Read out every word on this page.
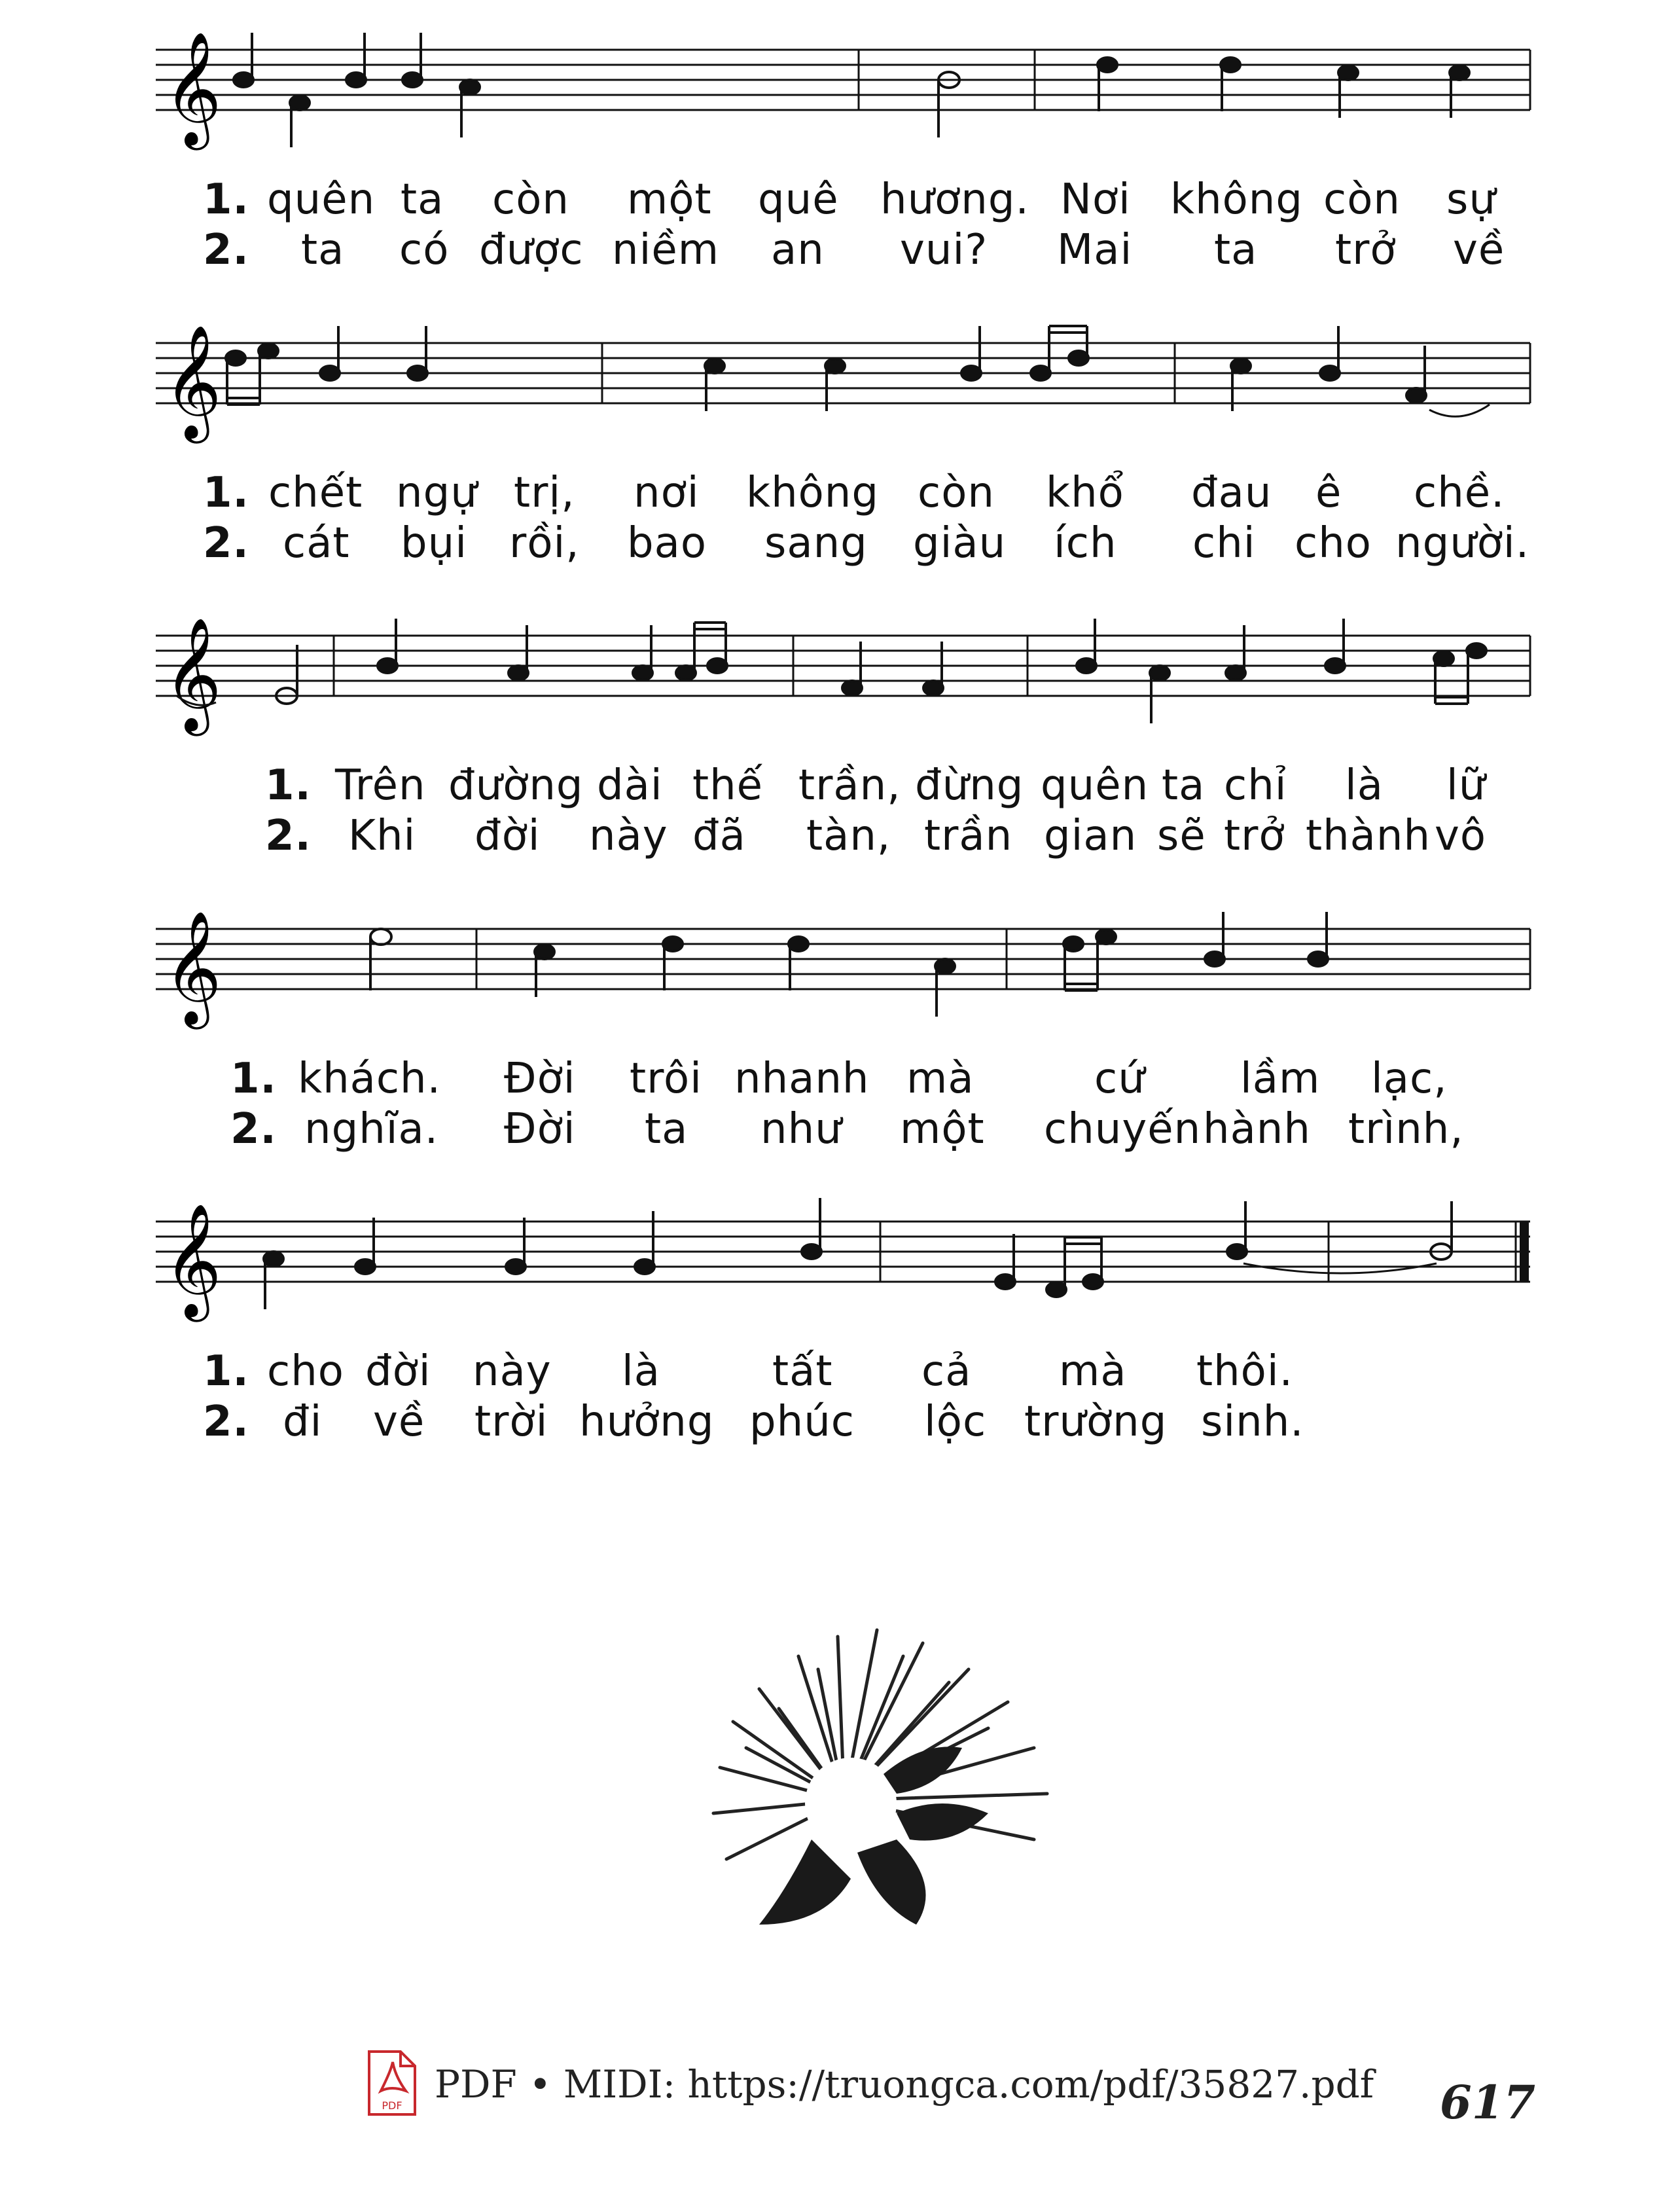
𝄞
1. quên ta còn một quê hương. Nơi không còn sự
2. ta có được niềm an vui? Mai ta trở về
𝄞
1. chết ngự trị, nơi không còn khổ đau ê chề.
2. cát bụi rồi, bao sang giàu ích chi cho người.
𝄞
1. Trên đường dài thế trần, đừng quên ta chỉ là lữ
2. Khi đời này đã tàn, trần gian sẽ trở thành vô
𝄞
1. khách. Đời trôi nhanh mà	cứ lầm lạc,
2. nghĩa. Đời ta như một chuyến hành trình,
𝄞
1. cho đời này là	tất cả mà thôi.
2. đi về trời hưởng phúc lộc trường sinh.
PDF PDF • MIDI: https://truongca.com/pdf/35827.pdf 617
